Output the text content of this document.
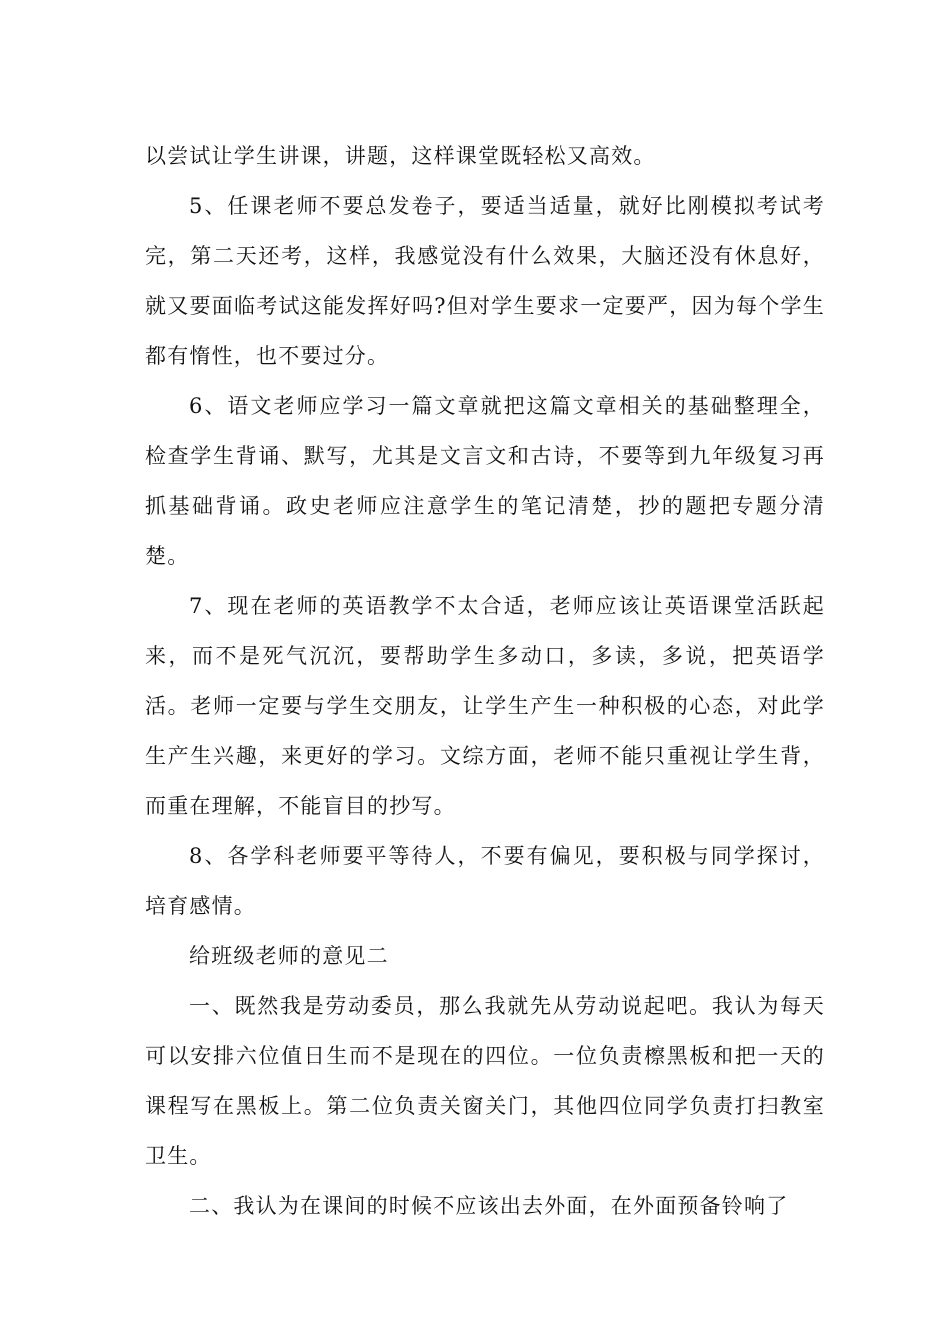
以尝试让学生讲课，讲题，这样课堂既轻松又高效。

5、任课老师不要总发卷子，要适当适量，就好比刚模拟考试考完，第二天还考，这样，我感觉没有什么效果，大脑还没有休息好，就又要面临考试这能发挥好吗?但对学生要求一定要严，因为每个学生都有惰性，也不要过分。

6、语文老师应学习一篇文章就把这篇文章相关的基础整理全，检查学生背诵、默写，尤其是文言文和古诗，不要等到九年级复习再抓基础背诵。政史老师应注意学生的笔记清楚，抄的题把专题分清楚。

7、现在老师的英语教学不太合适，老师应该让英语课堂活跃起来，而不是死气沉沉，要帮助学生多动口，多读，多说，把英语学活。老师一定要与学生交朋友，让学生产生一种积极的心态，对此学生产生兴趣，来更好的学习。文综方面，老师不能只重视让学生背，而重在理解，不能盲目的抄写。

8、各学科老师要平等待人，不要有偏见，要积极与同学探讨，培育感情。

给班级老师的意见二

一、既然我是劳动委员，那么我就先从劳动说起吧。我认为每天可以安排六位值日生而不是现在的四位。一位负责檫黑板和把一天的课程写在黑板上。第二位负责关窗关门，其他四位同学负责打扫教室卫生。

二、我认为在课间的时候不应该出去外面，在外面预备铃响了
